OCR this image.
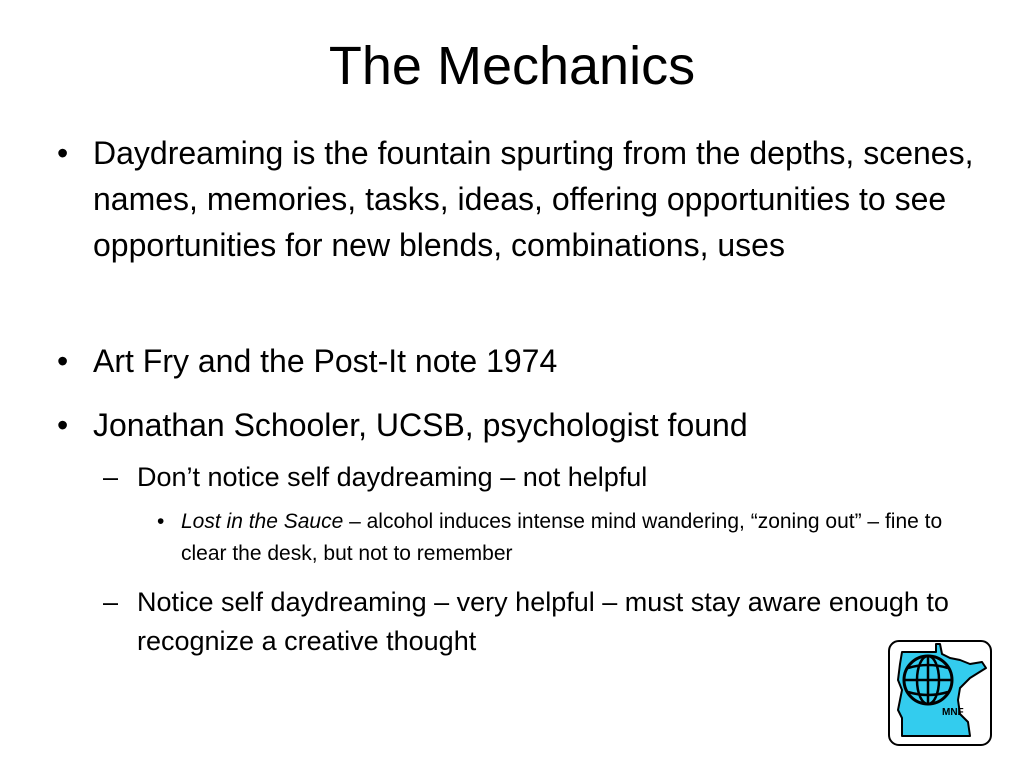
The Mechanics
• Daydreaming is the fountain spurting from the depths, scenes, names, memories, tasks, ideas, offering opportunities to see opportunities for new blends, combinations, uses
• Art Fry and the Post-It note 1974
• Jonathan Schooler, UCSB, psychologist found
– Don’t notice self daydreaming – not helpful
• Lost in the Sauce – alcohol induces intense mind wandering, “zoning out” – fine to clear the desk, but not to remember
– Notice self daydreaming – very helpful – must stay aware enough to recognize a creative thought
MNF
